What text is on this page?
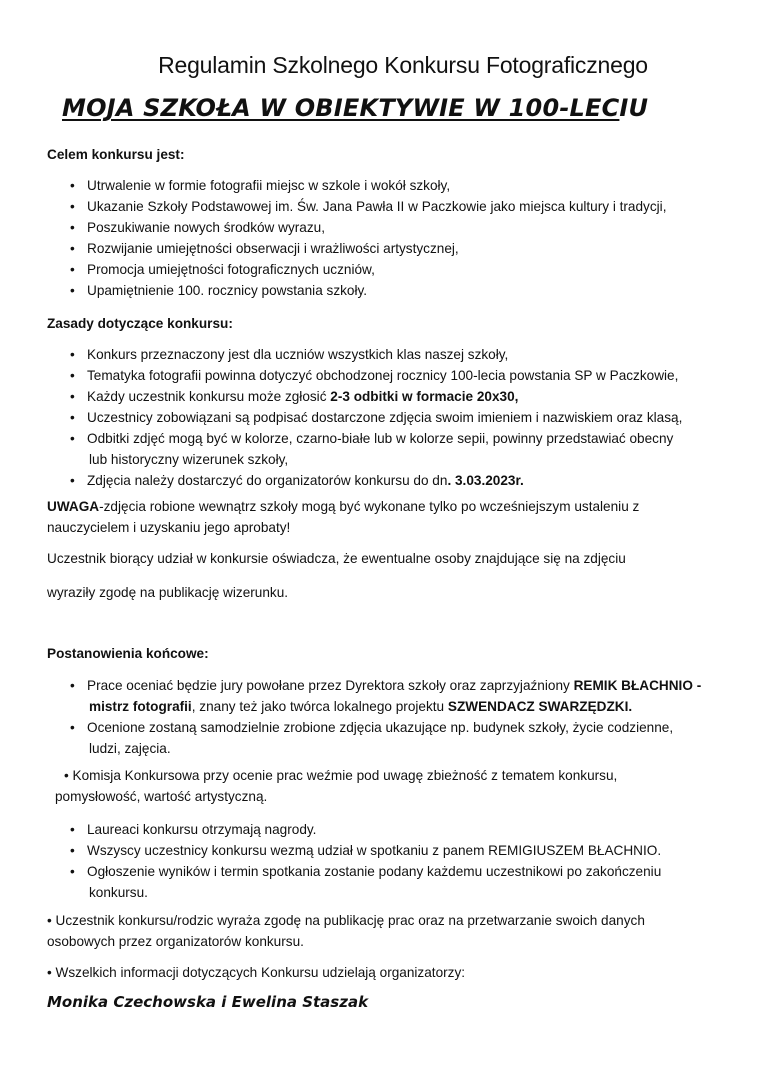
Regulamin Szkolnego Konkursu Fotograficznego
MOJA SZKOŁA W OBIEKTYWIE W 100-LECIU
Celem konkursu jest:
• Utrwalenie w formie fotografii miejsc w szkole i wokół szkoły,
• Ukazanie Szkoły Podstawowej im. Św. Jana Pawła II w Paczkowie jako miejsca kultury i tradycji,
• Poszukiwanie nowych środków wyrazu,
• Rozwijanie umiejętności obserwacji i wrażliwości artystycznej,
• Promocja umiejętności fotograficznych uczniów,
• Upamiętnienie 100. rocznicy powstania szkoły.
Zasady dotyczące konkursu:
• Konkurs przeznaczony jest dla uczniów wszystkich klas naszej szkoły,
• Tematyka fotografii powinna dotyczyć obchodzonej rocznicy 100-lecia powstania SP w Paczkowie,
• Każdy uczestnik konkursu może zgłosić 2-3 odbitki w formacie 20x30,
• Uczestnicy zobowiązani są podpisać dostarczone zdjęcia swoim imieniem i nazwiskiem oraz klasą,
• Odbitki zdjęć mogą być w kolorze, czarno-białe lub w kolorze sepii, powinny przedstawiać obecny
lub historyczny wizerunek szkoły,
• Zdjęcia należy dostarczyć do organizatorów konkursu do dn. 3.03.2023r.
UWAGA-zdjęcia robione wewnątrz szkoły mogą być wykonane tylko po wcześniejszym ustaleniu z
nauczycielem i uzyskaniu jego aprobaty!
Uczestnik biorący udział w konkursie oświadcza, że ewentualne osoby znajdujące się na zdjęciu
wyraziły zgodę na publikację wizerunku.
Postanowienia końcowe:
• Prace oceniać będzie jury powołane przez Dyrektora szkoły oraz zaprzyjaźniony REMIK BŁACHNIO -
mistrz fotografii, znany też jako twórca lokalnego projektu SZWENDACZ SWARZĘDZKI.
• Ocenione zostaną samodzielnie zrobione zdjęcia ukazujące np. budynek szkoły, życie codzienne,
ludzi, zajęcia.
• Komisja Konkursowa przy ocenie prac weźmie pod uwagę zbieżność z tematem konkursu,
pomysłowość, wartość artystyczną.
• Laureaci konkursu otrzymają nagrody.
• Wszyscy uczestnicy konkursu wezmą udział w spotkaniu z panem REMIGIUSZEM BŁACHNIO.
• Ogłoszenie wyników i termin spotkania zostanie podany każdemu uczestnikowi po zakończeniu
konkursu.
• Uczestnik konkursu/rodzic wyraża zgodę na publikację prac oraz na przetwarzanie swoich danych
osobowych przez organizatorów konkursu.
• Wszelkich informacji dotyczących Konkursu udzielają organizatorzy:
Monika Czechowska i Ewelina Staszak
